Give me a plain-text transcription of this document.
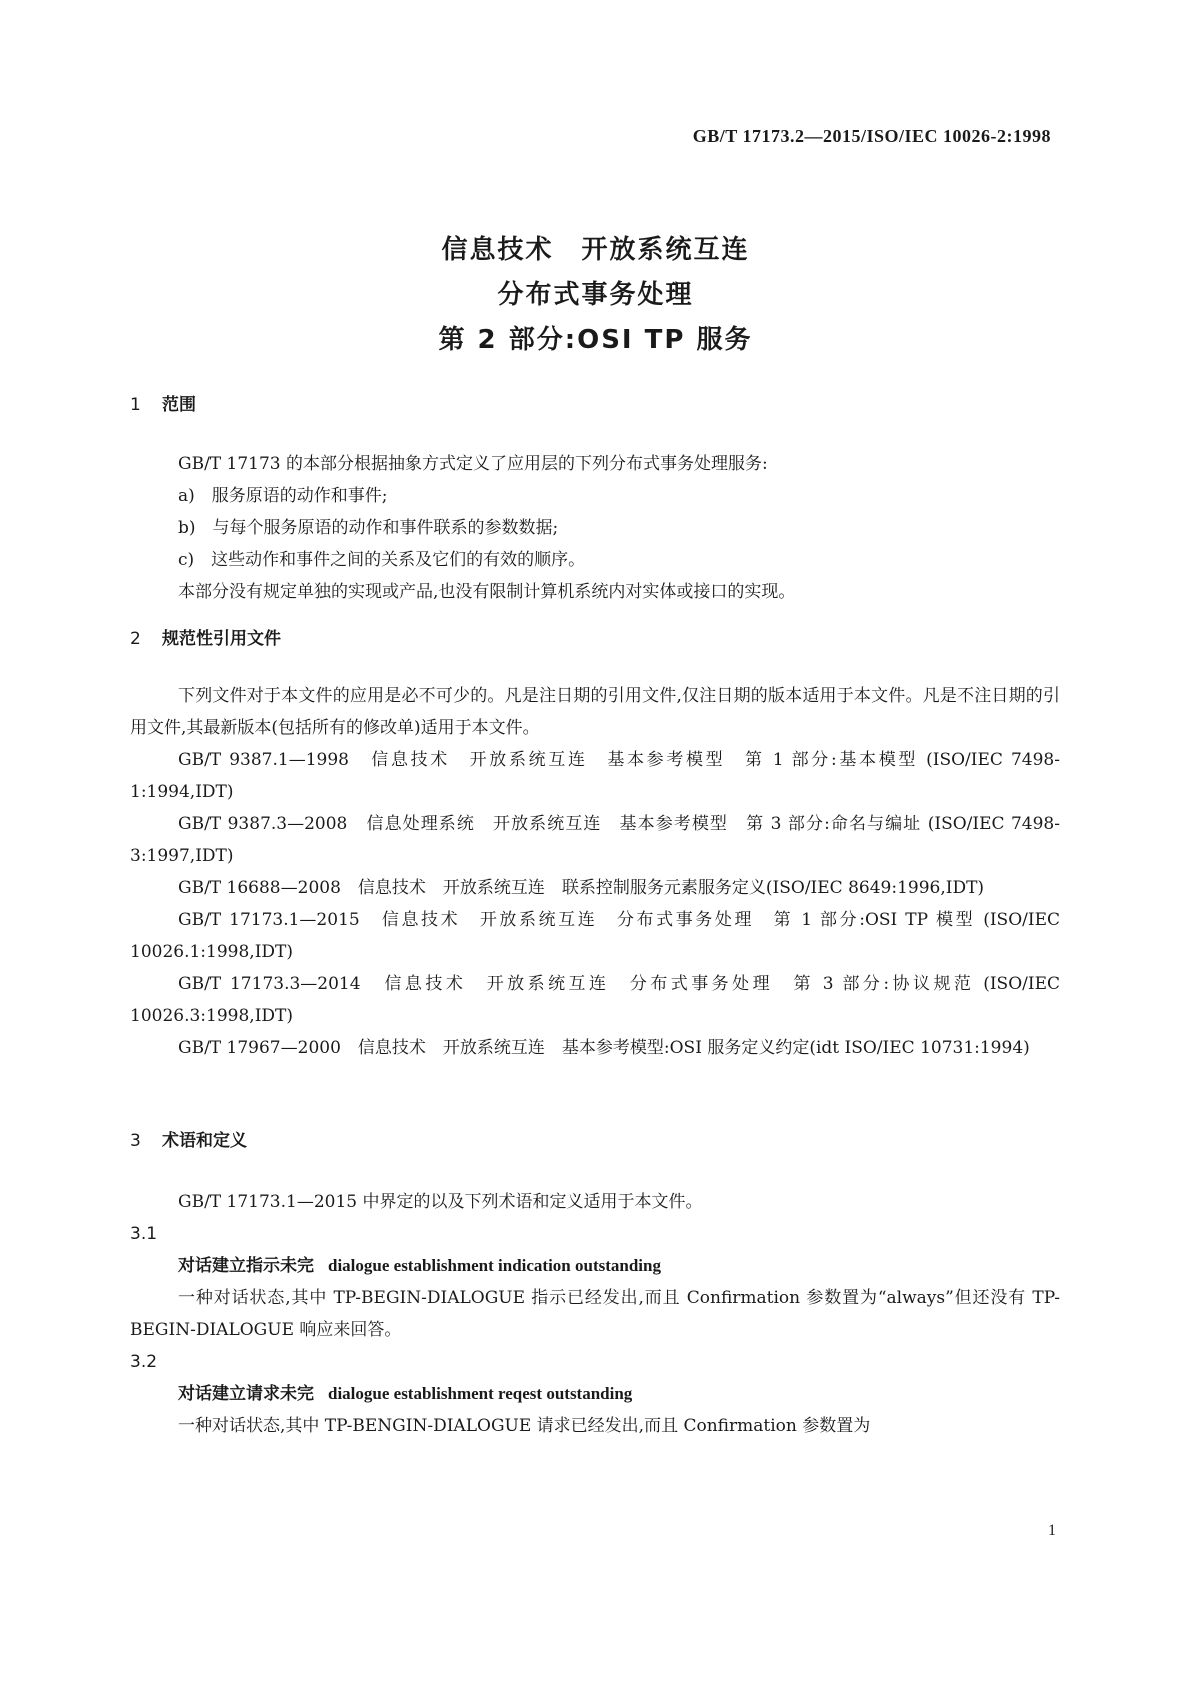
GB/T 17173.2—2015/ISO/IEC 10026-2:1998
信息技术　开放系统互连
分布式事务处理
第 2 部分:OSI TP 服务
1 范围

GB/T 17173 的本部分根据抽象方式定义了应用层的下列分布式事务处理服务:

a)　服务原语的动作和事件;
b)　与每个服务原语的动作和事件联系的参数数据;
c)　这些动作和事件之间的关系及它们的有效的顺序。

本部分没有规定单独的实现或产品,也没有限制计算机系统内对实体或接口的实现。

2 规范性引用文件

下列文件对于本文件的应用是必不可少的。凡是注日期的引用文件,仅注日期的版本适用于本文件。凡是不注日期的引用文件,其最新版本(包括所有的修改单)适用于本文件。

GB/T 9387.1—1998　信息技术　开放系统互连　基本参考模型　第 1 部分:基本模型 (ISO/IEC 7498-1:1994,IDT)

GB/T 9387.3—2008　信息处理系统　开放系统互连　基本参考模型　第 3 部分:命名与编址 (ISO/IEC 7498-3:1997,IDT)

GB/T 16688—2008　信息技术　开放系统互连　联系控制服务元素服务定义(ISO/IEC 8649:1996,IDT)

GB/T 17173.1—2015　信息技术　开放系统互连　分布式事务处理　第 1 部分:OSI TP 模型 (ISO/IEC 10026.1:1998,IDT)

GB/T 17173.3—2014　信息技术　开放系统互连　分布式事务处理　第 3 部分:协议规范 (ISO/IEC 10026.3:1998,IDT)

GB/T 17967—2000　信息技术　开放系统互连　基本参考模型:OSI 服务定义约定(idt ISO/IEC 10731:1994)

3 术语和定义

GB/T 17173.1—2015 中界定的以及下列术语和定义适用于本文件。

3.1
对话建立指示未完 dialogue establishment indication outstanding

一种对话状态,其中 TP-BEGIN-DIALOGUE 指示已经发出,而且 Confirmation 参数置为“always”但还没有 TP-BEGIN-DIALOGUE 响应来回答。

3.2
对话建立请求未完 dialogue establishment reqest outstanding

一种对话状态,其中 TP-BENGIN-DIALOGUE 请求已经发出,而且 Confirmation 参数置为

1
